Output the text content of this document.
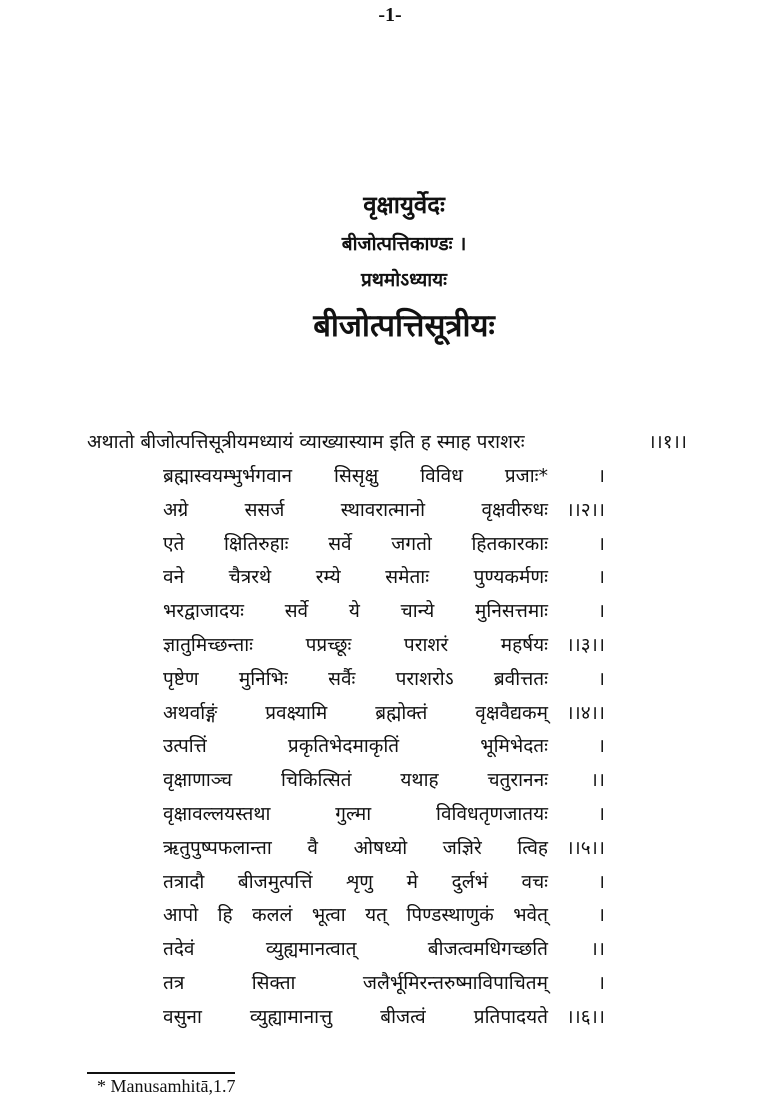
-1-
वृक्षायुर्वेदः
बीजोत्पत्तिकाण्डः ।
प्रथमोऽध्यायः
बीजोत्पत्तिसूत्रीयः
अथातो बीजोत्पत्तिसूत्रीयमध्यायं व्याख्यास्याम इति ह स्माह पराशरः	।।१।।
ब्रह्मास्वयम्भुर्भगवान सिसृक्षु विविध प्रजाः*	।
अग्रे	ससर्ज	स्थावरात्मानो	वृक्षवीरुधः ।।२।।
एते क्षितिरुहाः सर्वे जगतो हितकारकाः	।
वने चैत्ररथे रम्ये समेताः पुण्यकर्मणः	।
भरद्वाजादयः सर्वे ये चान्ये मुनिसत्तमाः	।
ज्ञातुमिच्छन्ताः	पप्रच्छूः	पराशरं	महर्षयः ।।३।।
पृष्टेण मुनिभिः सर्वैः पराशरोऽ ब्रवीत्ततः	।
अथर्वाङ्गं	प्रवक्ष्यामि	ब्रह्मोक्तं	वृक्षवैद्यकम् ।।४।।
उत्पत्तिं	प्रकृतिभेदमाकृतिं	भूमिभेदतः	।
वृक्षाणाञ्च	चिकित्सितं	यथाह	चतुराननः ।।
वृक्षावल्लयस्तथा	गुल्मा	विविधतृणजातयः	।
ऋतुपुष्पफलान्ता वै ओषध्यो जज्ञिरे त्विह ।।५।।
तत्रादौ बीजमुत्पत्तिं शृणु मे दुर्लभं वचः	।
आपो हि कललं भूत्वा यत् पिण्डस्थाणुकं भवेत्	।
तदेवं	व्युह्यमानत्वात्	बीजत्वमधिगच्छति ।।
तत्र	सिक्ता	जलैर्भूमिरन्तरुष्माविपाचितम्	।
वसुना	व्युह्यामानात्तु	बीजत्वं	प्रतिपादयते ।।६।।
* Manusamhitā,1.7
